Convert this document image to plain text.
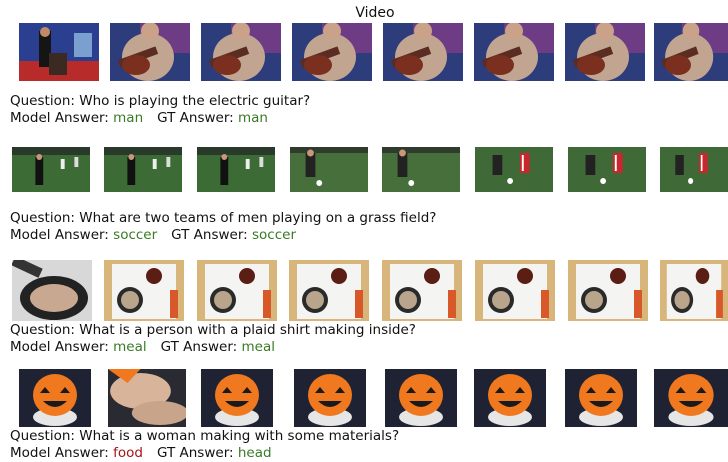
Video
Question: Who is playing the electric guitar?
Model Answer: man GT Answer: man
Question: What are two teams of men playing on a grass field?
Model Answer: soccer GT Answer: soccer
Question: What is a person with a plaid shirt making inside?
Model Answer: meal GT Answer: meal
Question: What is a woman making with some materials?
Model Answer: food GT Answer: head
